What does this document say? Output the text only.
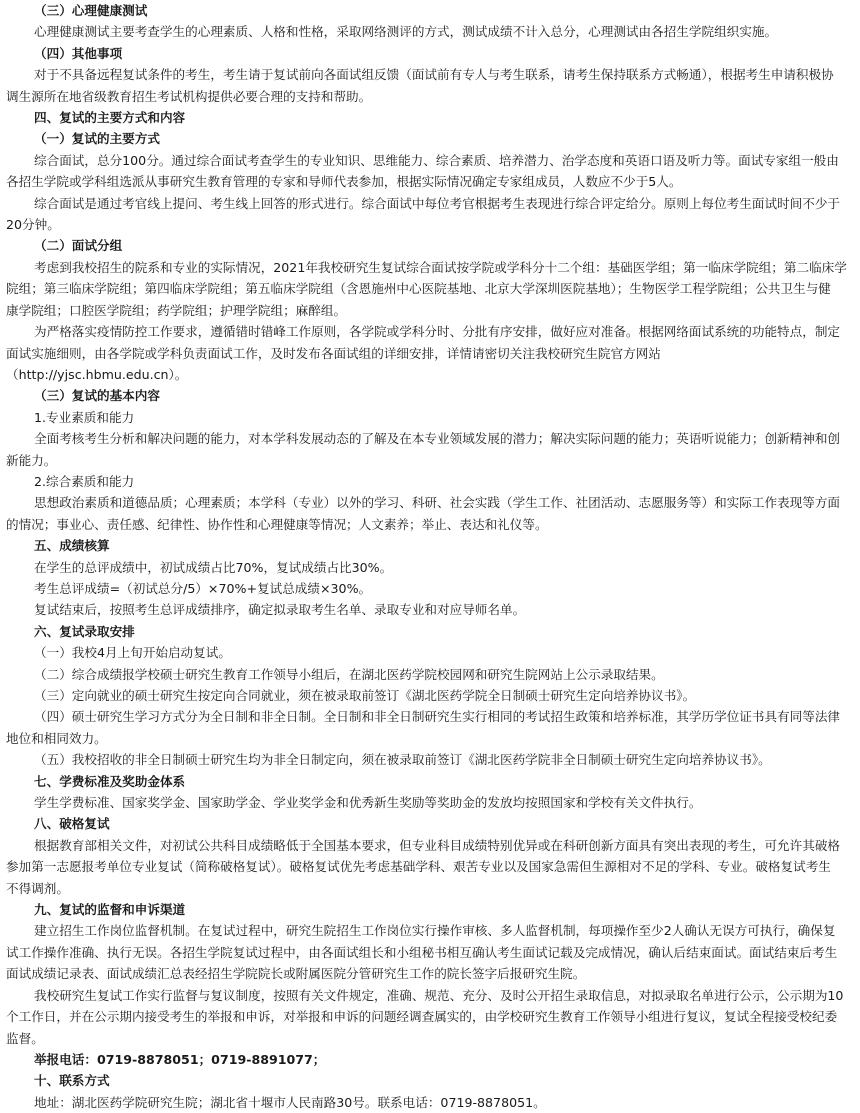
（三）心理健康测试
心理健康测试主要考查学生的心理素质、人格和性格，采取网络测评的方式，测试成绩不计入总分，心理测试由各招生学院组织实施。
（四）其他事项
对于不具备远程复试条件的考生，考生请于复试前向各面试组反馈（面试前有专人与考生联系，请考生保持联系方式畅通），根据考生申请积极协
调生源所在地省级教育招生考试机构提供必要合理的支持和帮助。
四、复试的主要方式和内容
（一）复试的主要方式
综合面试，总分100分。通过综合面试考查学生的专业知识、思维能力、综合素质、培养潜力、治学态度和英语口语及听力等。面试专家组一般由
各招生学院或学科组选派从事研究生教育管理的专家和导师代表参加，根据实际情况确定专家组成员，人数应不少于5人。
综合面试是通过考官线上提问、考生线上回答的形式进行。综合面试中每位考官根据考生表现进行综合评定给分。原则上每位考生面试时间不少于
20分钟。
（二）面试分组
考虑到我校招生的院系和专业的实际情况，2021年我校研究生复试综合面试按学院或学科分十二个组：基础医学组；第一临床学院组；第二临床学
院组；第三临床学院组；第四临床学院组；第五临床学院组（含恩施州中心医院基地、北京大学深圳医院基地）；生物医学工程学院组；公共卫生与健
康学院组；口腔医学院组；药学院组；护理学院组；麻醉组。
为严格落实疫情防控工作要求，遵循错时错峰工作原则，各学院或学科分时、分批有序安排，做好应对准备。根据网络面试系统的功能特点，制定
面试实施细则，由各学院或学科负责面试工作，及时发布各面试组的详细安排，详情请密切关注我校研究生院官方网站
（http://yjsc.hbmu.edu.cn）。
（三）复试的基本内容
1.专业素质和能力
全面考核考生分析和解决问题的能力，对本学科发展动态的了解及在本专业领域发展的潜力；解决实际问题的能力；英语听说能力；创新精神和创
新能力。
2.综合素质和能力
思想政治素质和道德品质；心理素质；本学科（专业）以外的学习、科研、社会实践（学生工作、社团活动、志愿服务等）和实际工作表现等方面
的情况；事业心、责任感、纪律性、协作性和心理健康等情况；人文素养；举止、表达和礼仪等。
五、成绩核算
在学生的总评成绩中，初试成绩占比70%，复试成绩占比30%。
考生总评成绩=（初试总分/5）×70%+复试总成绩×30%。
复试结束后，按照考生总评成绩排序，确定拟录取考生名单、录取专业和对应导师名单。
六、复试录取安排
（一）我校4月上旬开始启动复试。
（二）综合成绩报学校硕士研究生教育工作领导小组后，在湖北医药学院校园网和研究生院网站上公示录取结果。
（三）定向就业的硕士研究生按定向合同就业，须在被录取前签订《湖北医药学院全日制硕士研究生定向培养协议书》。
（四）硕士研究生学习方式分为全日制和非全日制。全日制和非全日制研究生实行相同的考试招生政策和培养标准，其学历学位证书具有同等法律
地位和相同效力。
（五）我校招收的非全日制硕士研究生均为非全日制定向，须在被录取前签订《湖北医药学院非全日制硕士研究生定向培养协议书》。
七、学费标准及奖助金体系
学生学费标准、国家奖学金、国家助学金、学业奖学金和优秀新生奖励等奖助金的发放均按照国家和学校有关文件执行。
八、破格复试
根据教育部相关文件，对初试公共科目成绩略低于全国基本要求，但专业科目成绩特别优异或在科研创新方面具有突出表现的考生，可允许其破格
参加第一志愿报考单位专业复试（简称破格复试）。破格复试优先考虑基础学科、艰苦专业以及国家急需但生源相对不足的学科、专业。破格复试考生
不得调剂。
九、复试的监督和申诉渠道
建立招生工作岗位监督机制。在复试过程中，研究生院招生工作岗位实行操作审核、多人监督机制，每项操作至少2人确认无误方可执行，确保复
试工作操作准确、执行无误。各招生学院复试过程中，由各面试组长和小组秘书相互确认考生面试记载及完成情况，确认后结束面试。面试结束后考生
面试成绩记录表、面试成绩汇总表经招生学院院长或附属医院分管研究生工作的院长签字后报研究生院。
我校研究生复试工作实行监督与复议制度，按照有关文件规定，准确、规范、充分、及时公开招生录取信息，对拟录取名单进行公示，公示期为10
个工作日，并在公示期内接受考生的举报和申诉，对举报和申诉的问题经调查属实的，由学校研究生教育工作领导小组进行复议，复试全程接受校纪委
监督。
举报电话：0719-8878051；0719-8891077；
十、联系方式
地址：湖北医药学院研究生院；湖北省十堰市人民南路30号。联系电话：0719-8878051。
